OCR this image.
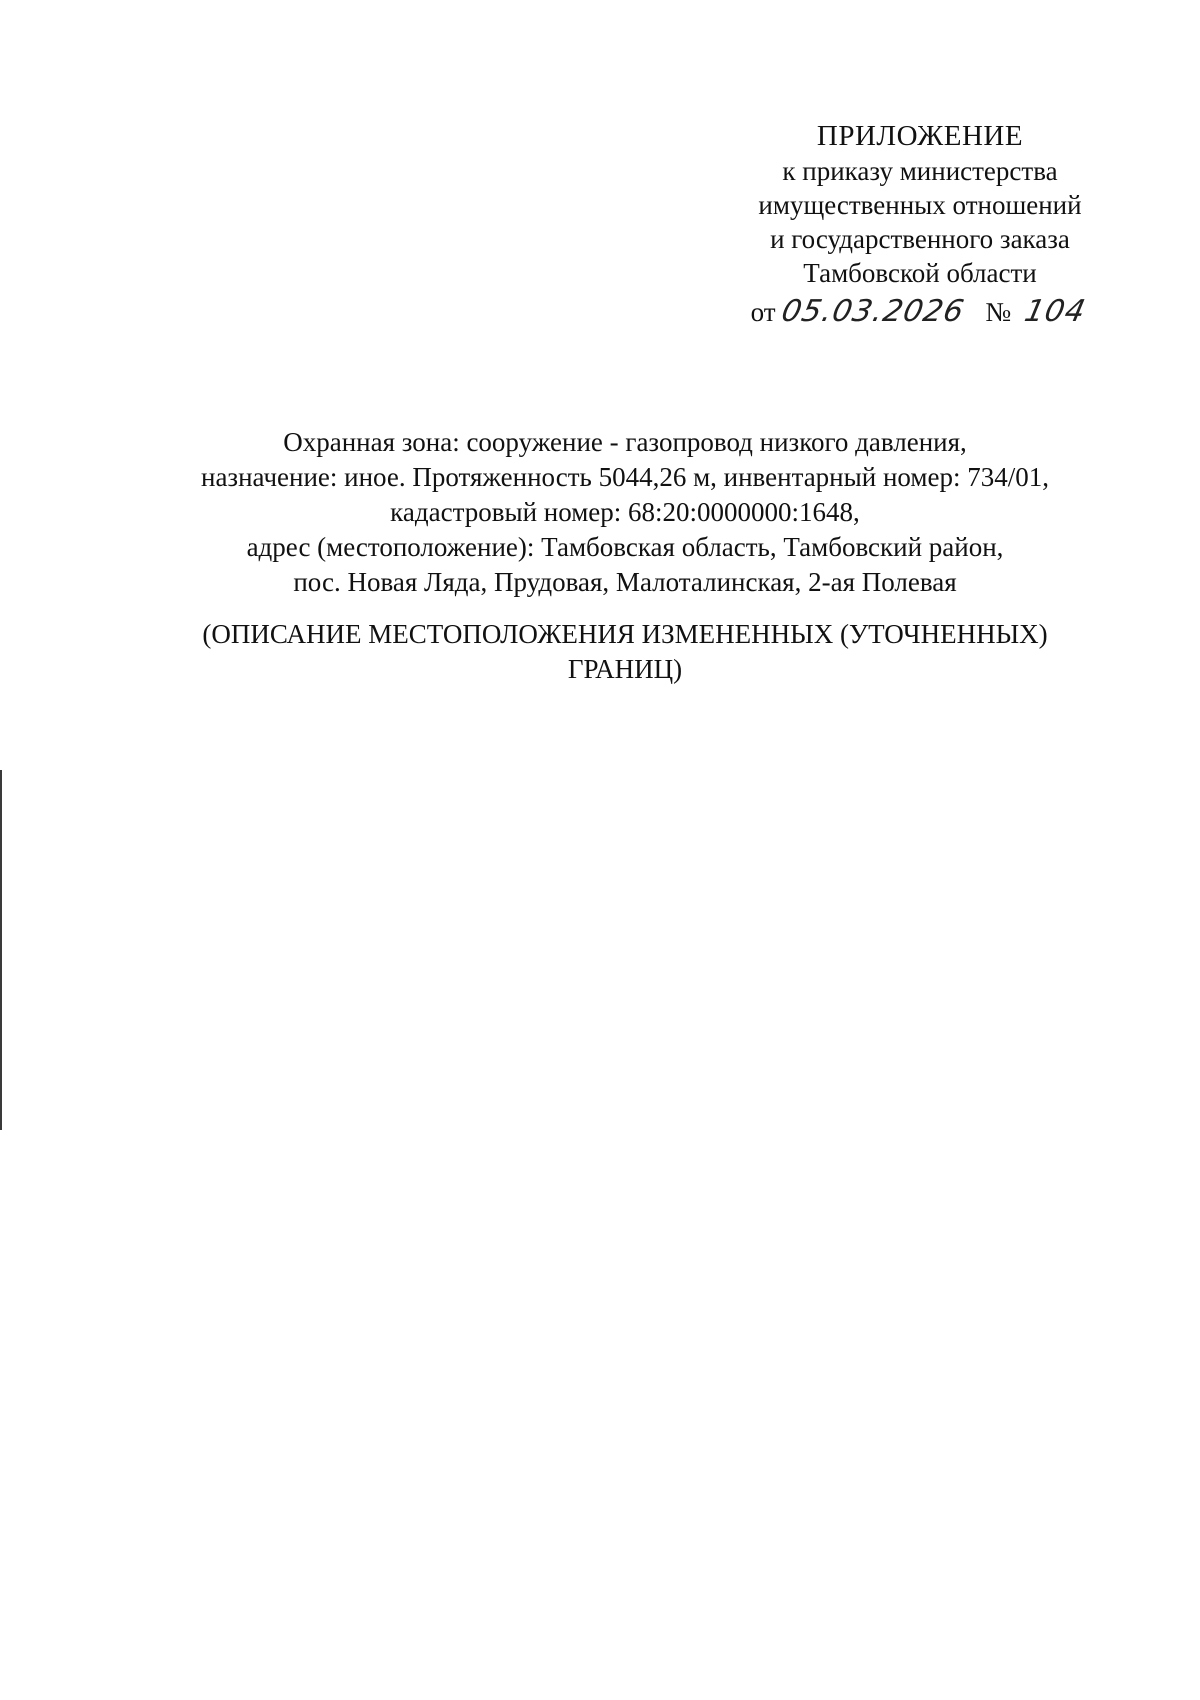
ПРИЛОЖЕНИЕ
к приказу министерства
имущественных отношений
и государственного заказа
Тамбовской области
от05.03.2026 № 104
Охранная зона: сооружение - газопровод низкого давления,
назначение: иное. Протяженность 5044,26 м, инвентарный номер: 734/01,
кадастровый номер: 68:20:0000000:1648,
адрес (местоположение): Тамбовская область, Тамбовский район,
пос. Новая Ляда, Прудовая, Малоталинская, 2-ая Полевая
(ОПИСАНИЕ МЕСТОПОЛОЖЕНИЯ ИЗМЕНЕННЫХ (УТОЧНЕННЫХ) ГРАНИЦ)
